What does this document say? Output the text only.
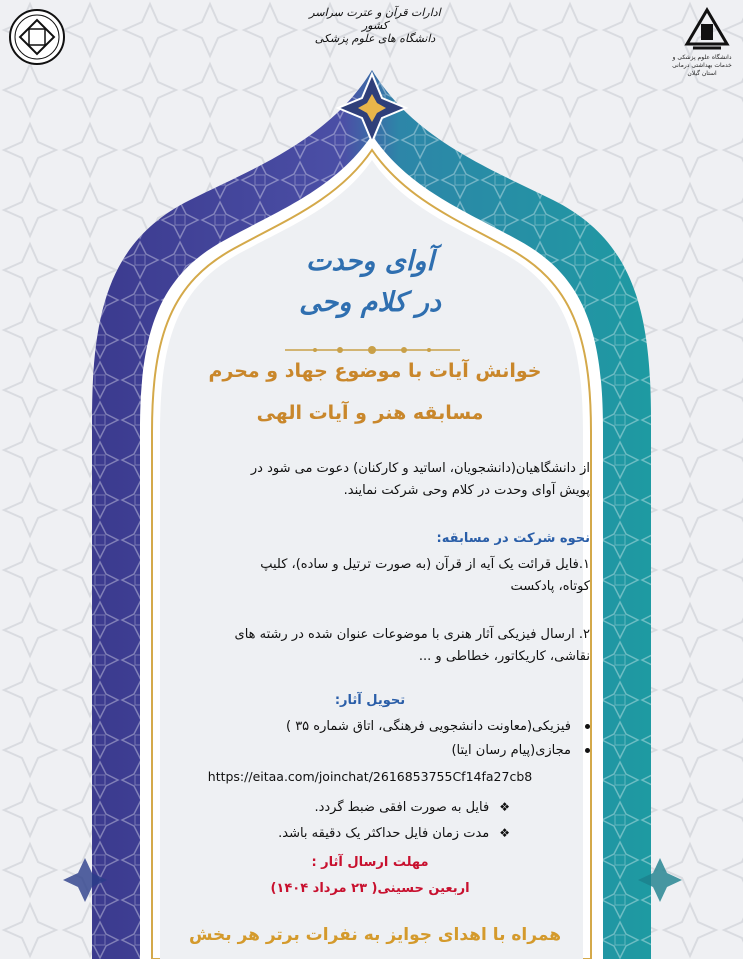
دانشگاه علوم پزشکی و خدمات بهداشتی درمانی استان گیلان
ادارات قرآن و عترت سراسر کشور
دانشگاه های علوم پزشکی
آوای وحدت
در کلام وحی
خوانش آیات با موضوع جهاد و محرم
مسابقه هنر و آیات الهی
از دانشگاهیان(دانشجویان، اساتید و کارکنان) دعوت می شود در
پویش آوای وحدت در کلام وحی شرکت نمایند.
نحوه شرکت در مسابقه:
۱.فایل قرائت یک آیه از قرآن (به صورت ترتیل و ساده)، کلیپ
کوتاه، پادکست
۲. ارسال فیزیکی آثار هنری با موضوعات عنوان شده در رشته های
نقاشی، کاریکاتور، خطاطی و ...
تحویل آثار:
فیزیکی(معاونت دانشجویی فرهنگی، اتاق شماره ۳۵ )
مجازی(پیام رسان ایتا)
https://eitaa.com/joinchat/2616853755Cf14fa27cb8
❖فایل به صورت افقی ضبط گردد.
❖مدت زمان فایل حداکثر یک دقیقه باشد.
مهلت ارسال آثار :
اربعین حسینی( ۲۳ مرداد ۱۴۰۴)
همراه با اهدای جوایز به نفرات برتر هر بخش
